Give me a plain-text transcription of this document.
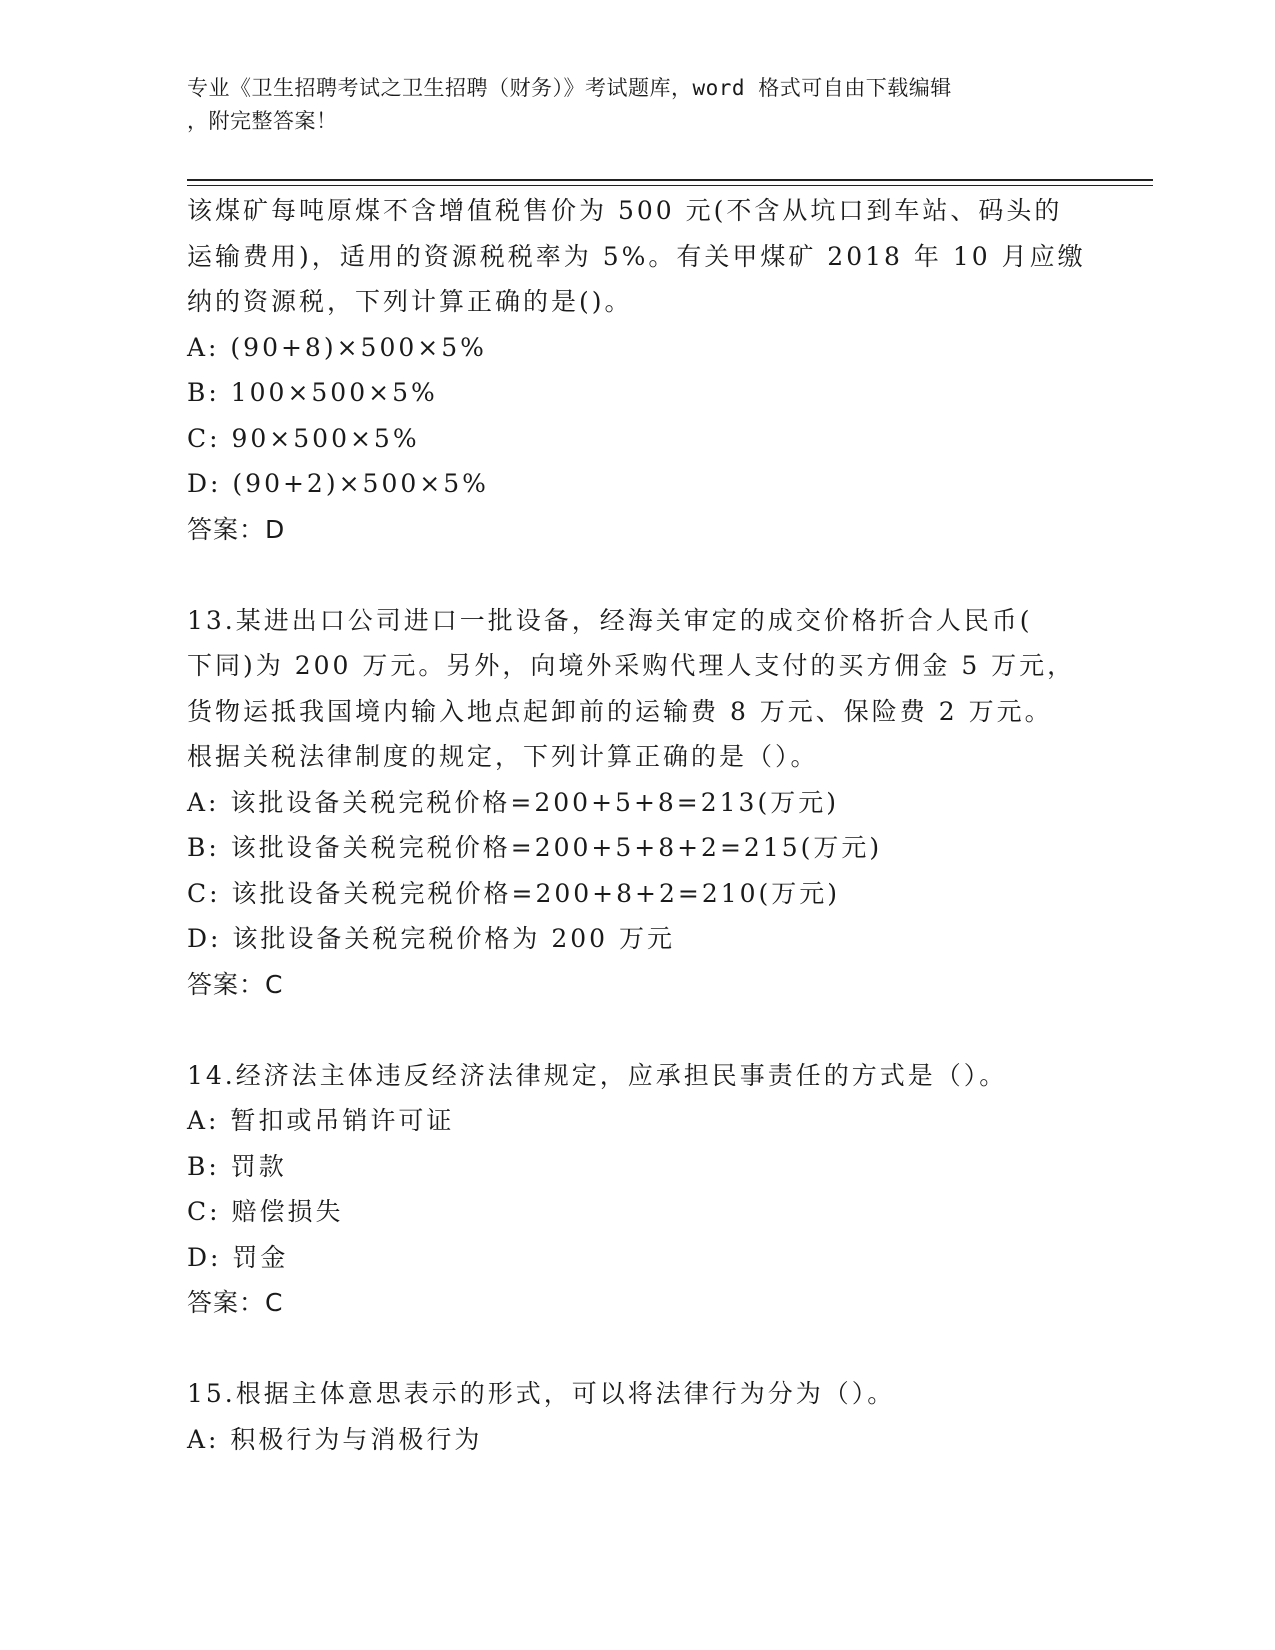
专业《卫生招聘考试之卫生招聘（财务）》考试题库，word 格式可自由下载编辑
，附完整答案！
该煤矿每吨原煤不含增值税售价为 500 元(不含从坑口到车站、码头的
运输费用)，适用的资源税税率为 5%。有关甲煤矿 2018 年 10 月应缴
纳的资源税，下列计算正确的是()。
A: (90+8)×500×5%
B: 100×500×5%
C: 90×500×5%
D: (90+2)×500×5%
答案：D
13.某进出口公司进口一批设备，经海关审定的成交价格折合人民币(
下同)为 200 万元。另外，向境外采购代理人支付的买方佣金 5 万元，
货物运抵我国境内输入地点起卸前的运输费 8 万元、保险费 2 万元。
根据关税法律制度的规定，下列计算正确的是（）。
A: 该批设备关税完税价格=200+5+8=213(万元)
B: 该批设备关税完税价格=200+5+8+2=215(万元)
C: 该批设备关税完税价格=200+8+2=210(万元)
D: 该批设备关税完税价格为 200 万元
答案：C
14.经济法主体违反经济法律规定，应承担民事责任的方式是（）。
A: 暂扣或吊销许可证
B: 罚款
C: 赔偿损失
D: 罚金
答案：C
15.根据主体意思表示的形式，可以将法律行为分为（）。
A: 积极行为与消极行为
